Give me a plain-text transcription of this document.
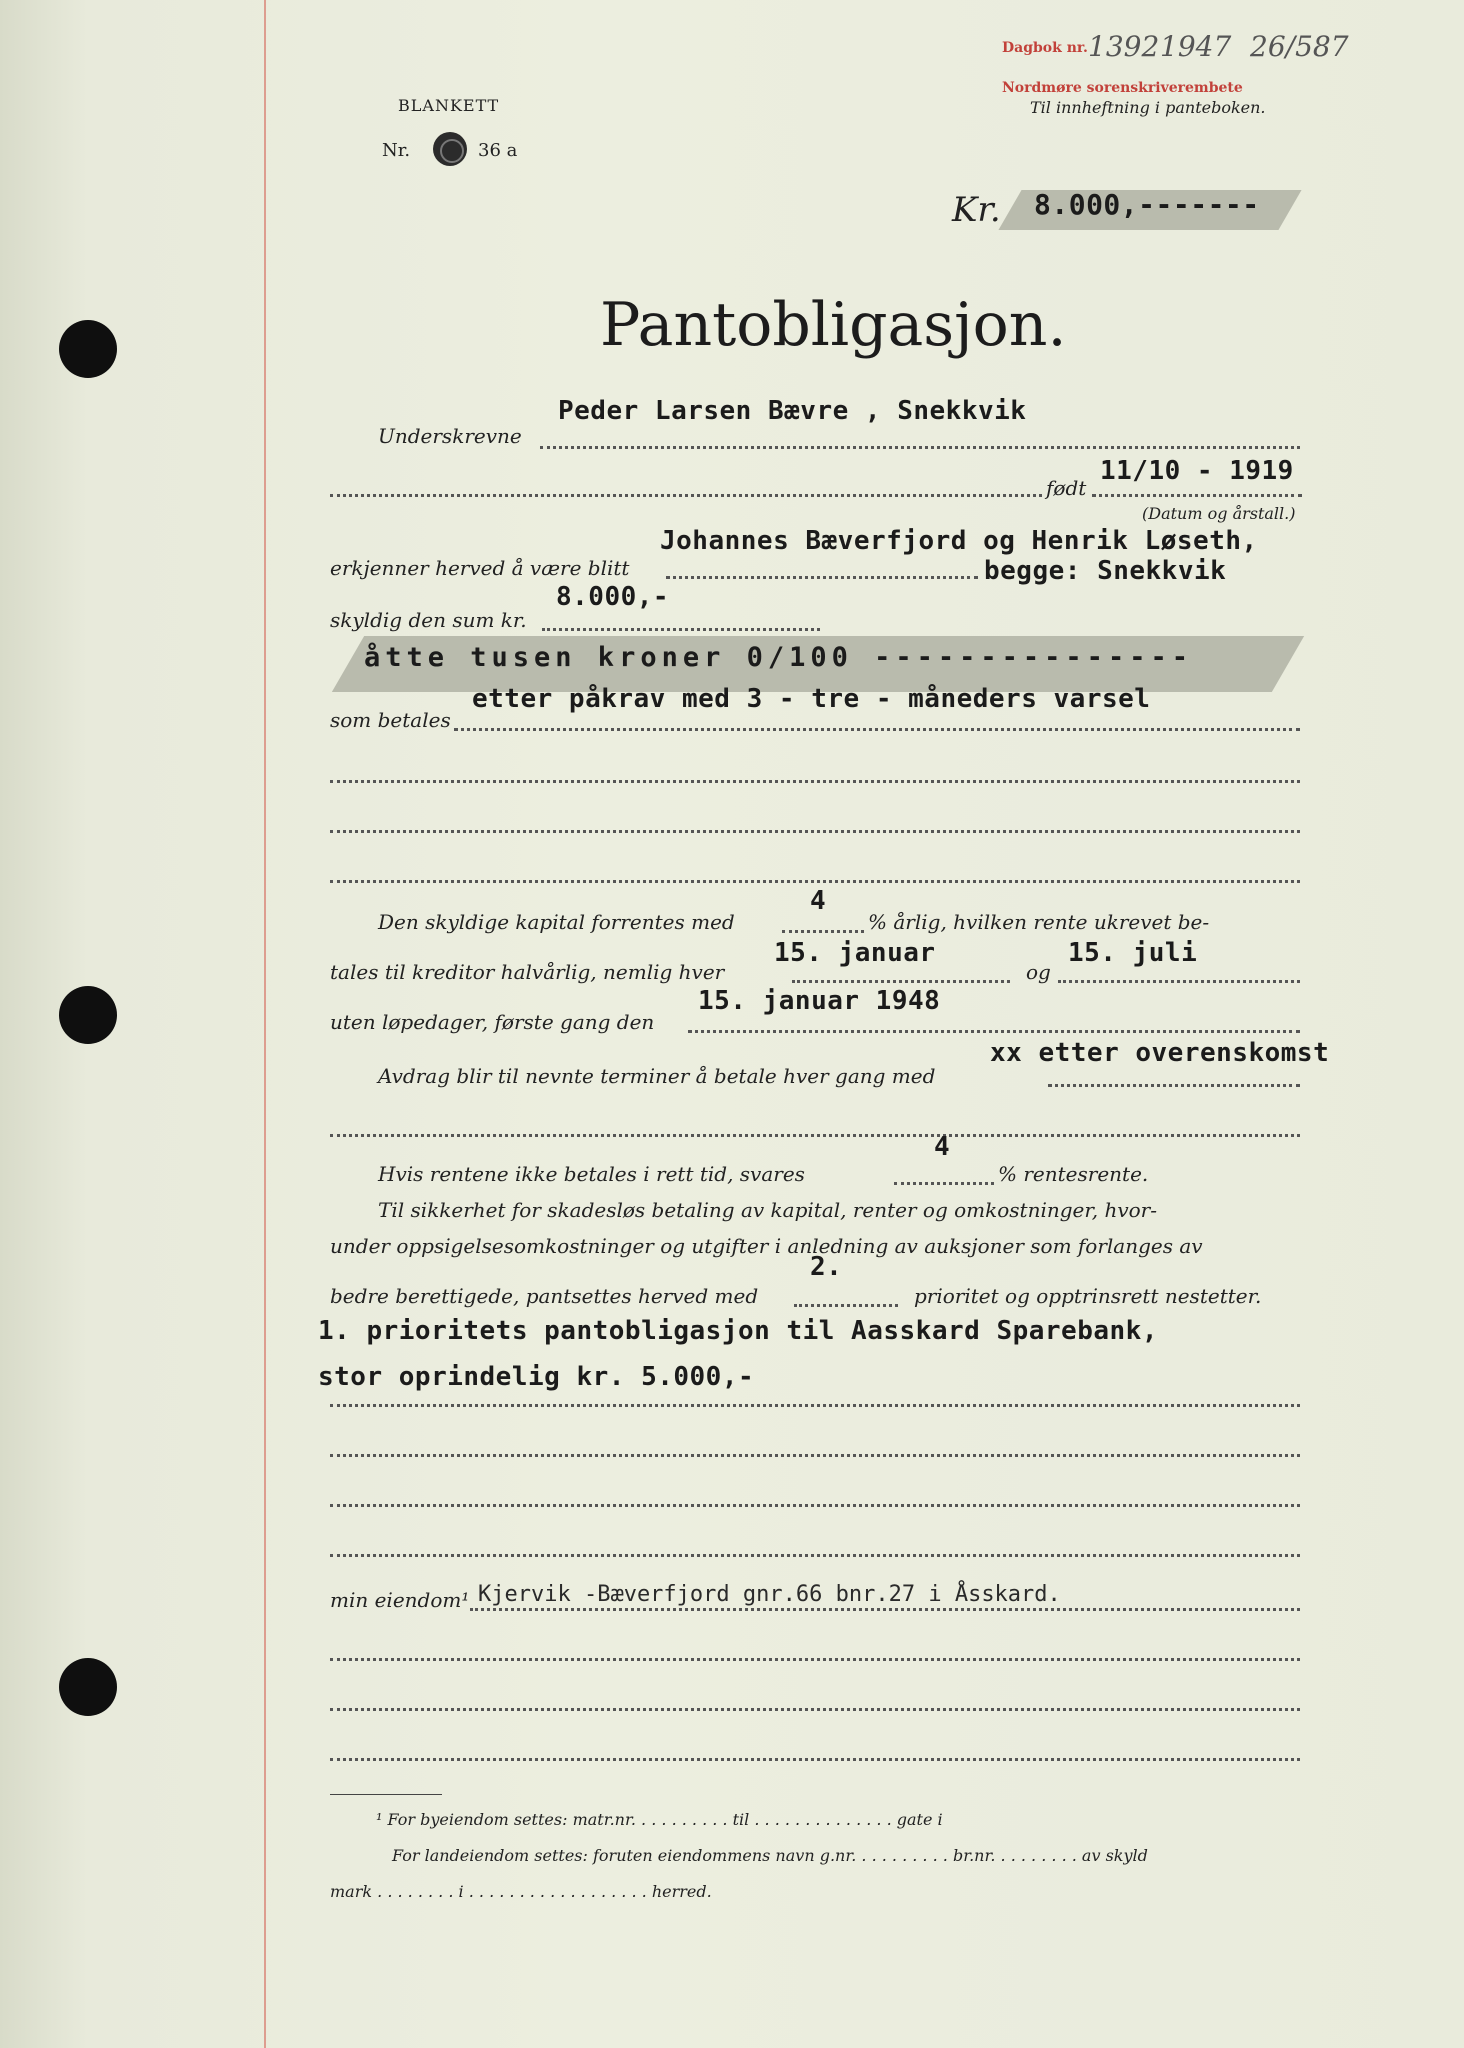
BLANKETT
Nr.	36 a
Dagbok nr. 1392 1947 26/587
Nordmøre sorenskriverembete
Til innheftning i panteboken.
Kr. 8.000,-------
Pantobligasjon.
Peder Larsen Bævre , Snekkvik
Underskrevne
11/10 - 1919
født
(Datum og årstall.)
Johannes Bæverfjord og Henrik Løseth,
erkjenner herved å være blitt	begge: Snekkvik
8.000,-
skyldig den sum kr.
åtte tusen kroner 0/100 ---------------
etter påkrav med 3 - tre - måneders varsel
som betales
4
Den skyldige kapital forrentes med	% årlig, hvilken rente ukrevet be-
15. januar	15. juli
tales til kreditor halvårlig, nemlig hver	og
15. januar 1948
uten løpedager, første gang den
xx etter overenskomst
Avdrag blir til nevnte terminer å betale hver gang med
4
Hvis rentene ikke betales i rett tid, svares	% rentesrente.
Til sikkerhet for skadesløs betaling av kapital, renter og omkostninger, hvor-
under oppsigelsesomkostninger og utgifter i anledning av auksjoner som forlanges av
2.
bedre berettigede, pantsettes herved med	prioritet og opptrinsrett nestetter.
1. prioritets pantobligasjon til Aasskard Sparebank,
stor oprindelig kr. 5.000,-
min eiendom¹ Kjervik -Bæverfjord gnr.66 bnr.27 i Åsskard.
¹ For byeiendom settes: matr.nr. . . . . . . . . . til . . . . . . . . . . . . . . gate i
For landeiendom settes: foruten eiendommens navn g.nr. . . . . . . . . . br.nr. . . . . . . . . av skyld
mark . . . . . . . . i . . . . . . . . . . . . . . . . . . herred.
